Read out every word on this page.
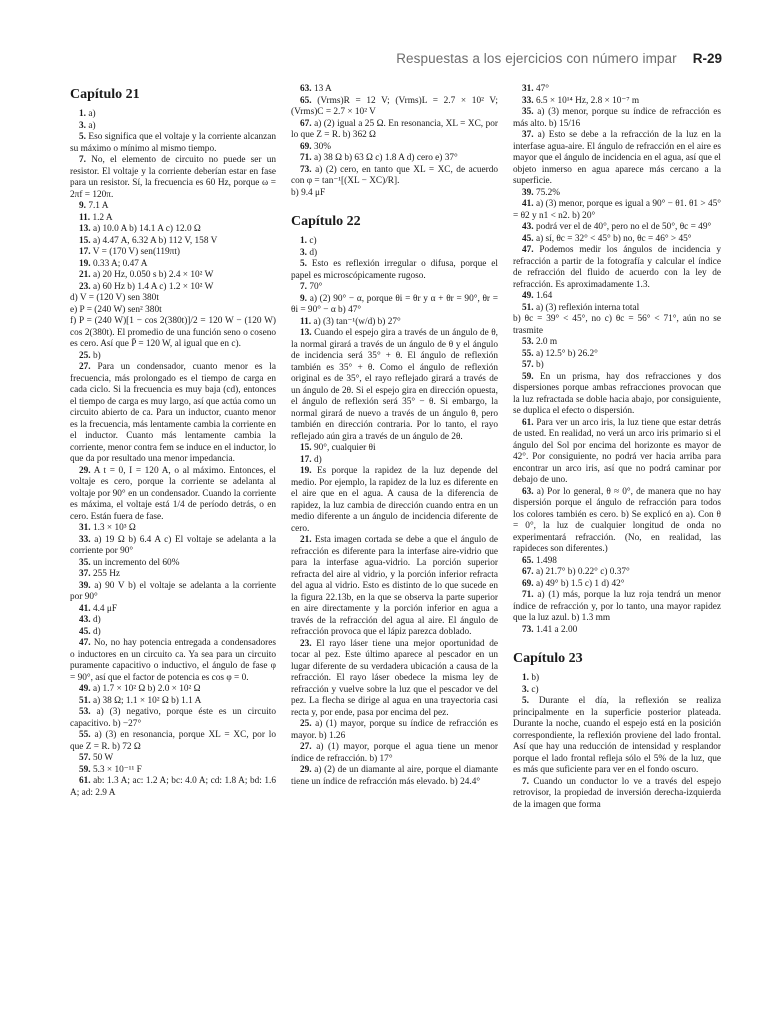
Respuestas a los ejercicios con número impar R-29
Capítulo 21

1. a)

3. a)

5. Eso significa que el voltaje y la corriente alcanzan su máximo o mínimo al mismo tiempo.

7. No, el elemento de circuito no puede ser un resistor. El voltaje y la corriente deberían estar en fase para un resistor. Sí, la frecuencia es 60 Hz, porque ω = 2πf = 120π.

9. 7.1 A

11. 1.2 A

13. a) 10.0 A b) 14.1 A c) 12.0 Ω

15. a) 4.47 A, 6.32 A b) 112 V, 158 V

17. V = (170 V) sen(119πt)

19. 0.33 A; 0.47 A

21. a) 20 Hz, 0.050 s b) 2.4 × 10² W

23. a) 60 Hz b) 1.4 A c) 1.2 × 10² W

d) V = (120 V) sen 380t

e) P = (240 W) sen² 380t

f) P = (240 W)[1 − cos 2(380t)]/2 = 120 W − (120 W) cos 2(380t). El promedio de una función seno o coseno es cero. Así que P̄ = 120 W, al igual que en c).

25. b)

27. Para un condensador, cuanto menor es la frecuencia, más prolongado es el tiempo de carga en cada ciclo. Si la frecuencia es muy baja (cd), entonces el tiempo de carga es muy largo, así que actúa como un circuito abierto de ca. Para un inductor, cuanto menor es la frecuencia, más lentamente cambia la corriente en el inductor. Cuanto más lentamente cambia la corriente, menor contra fem se induce en el inductor, lo que da por resultado una menor impedancia.

29. A t = 0, I = 120 A, o al máximo. Entonces, el voltaje es cero, porque la corriente se adelanta al voltaje por 90° en un condensador. Cuando la corriente es máxima, el voltaje está 1/4 de período detrás, o en cero. Están fuera de fase.

31. 1.3 × 10³ Ω

33. a) 19 Ω b) 6.4 A c) El voltaje se adelanta a la corriente por 90°

35. un incremento del 60%

37. 255 Hz

39. a) 90 V b) el voltaje se adelanta a la corriente por 90°

41. 4.4 μF

43. d)

45. d)

47. No, no hay potencia entregada a condensadores o inductores en un circuito ca. Ya sea para un circuito puramente capacitivo o inductivo, el ángulo de fase φ = 90°, así que el factor de potencia es cos φ = 0.

49. a) 1.7 × 10² Ω b) 2.0 × 10² Ω

51. a) 38 Ω; 1.1 × 10² Ω b) 1.1 A

53. a) (3) negativo, porque éste es un circuito capacitivo. b) −27°

55. a) (3) en resonancia, porque XL = XC, por lo que Z = R. b) 72 Ω

57. 50 W

59. 5.3 × 10⁻¹¹ F

61. ab: 1.3 A; ac: 1.2 A; bc: 4.0 A; cd: 1.8 A; bd: 1.6 A; ad: 2.9 A

63. 13 A

65. (Vrms)R = 12 V; (Vrms)L = 2.7 × 10² V; (Vrms)C = 2.7 × 10² V

67. a) (2) igual a 25 Ω. En resonancia, XL = XC, por lo que Z = R. b) 362 Ω

69. 30%

71. a) 38 Ω b) 63 Ω c) 1.8 A d) cero e) 37°

73. a) (2) cero, en tanto que XL = XC, de acuerdo con φ = tan⁻¹[(XL − XC)/R].

b) 9.4 μF

Capítulo 22

1. c)

3. d)

5. Esto es reflexión irregular o difusa, porque el papel es microscópicamente rugoso.

7. 70°

9. a) (2) 90° − α, porque θi = θr y α + θr = 90°, θr = θi = 90° − α b) 47°

11. a) (3) tan⁻¹(w/d) b) 27°

13. Cuando el espejo gira a través de un ángulo de θ, la normal girará a través de un ángulo de θ y el ángulo de incidencia será 35° + θ. El ángulo de reflexión también es 35° + θ. Como el ángulo de reflexión original es de 35°, el rayo reflejado girará a través de un ángulo de 2θ. Si el espejo gira en dirección opuesta, el ángulo de reflexión será 35° − θ. Si embargo, la normal girará de nuevo a través de un ángulo θ, pero también en dirección contraria. Por lo tanto, el rayo reflejado aún gira a través de un ángulo de 2θ.

15. 90°, cualquier θi

17. d)

19. Es porque la rapidez de la luz depende del medio. Por ejemplo, la rapidez de la luz es diferente en el aire que en el agua. A causa de la diferencia de rapidez, la luz cambia de dirección cuando entra en un medio diferente a un ángulo de incidencia diferente de cero.

21. Esta imagen cortada se debe a que el ángulo de refracción es diferente para la interfase aire-vidrio que para la interfase agua-vidrio. La porción superior refracta del aire al vidrio, y la porción inferior refracta del agua al vidrio. Esto es distinto de lo que sucede en la figura 22.13b, en la que se observa la parte superior en aire directamente y la porción inferior en agua a través de la refracción del agua al aire. El ángulo de refracción provoca que el lápiz parezca doblado.

23. El rayo láser tiene una mejor oportunidad de tocar al pez. Este último aparece al pescador en un lugar diferente de su verdadera ubicación a causa de la refracción. El rayo láser obedece la misma ley de refracción y vuelve sobre la luz que el pescador ve del pez. La flecha se dirige al agua en una trayectoria casi recta y, por ende, pasa por encima del pez.

25. a) (1) mayor, porque su índice de refracción es mayor. b) 1.26

27. a) (1) mayor, porque el agua tiene un menor índice de refracción. b) 17°

29. a) (2) de un diamante al aire, porque el diamante tiene un índice de refracción más elevado. b) 24.4°

31. 47°

33. 6.5 × 10¹⁴ Hz, 2.8 × 10⁻⁷ m

35. a) (3) menor, porque su índice de refracción es más alto. b) 15/16

37. a) Esto se debe a la refracción de la luz en la interfase agua-aire. El ángulo de refracción en el aire es mayor que el ángulo de incidencia en el agua, así que el objeto inmerso en agua aparece más cercano a la superficie.

39. 75.2%

41. a) (3) menor, porque es igual a 90° − θ1. θ1 > 45° = θ2 y n1 < n2. b) 20°

43. podrá ver el de 40°, pero no el de 50°, θc = 49°

45. a) sí, θc = 32° < 45° b) no, θc = 46° > 45°

47. Podemos medir los ángulos de incidencia y refracción a partir de la fotografía y calcular el índice de refracción del fluido de acuerdo con la ley de refracción. Es aproximadamente 1.3.

49. 1.64

51. a) (3) reflexión interna total

b) θc = 39° < 45°, no c) θc = 56° < 71°, aún no se trasmite

53. 2.0 m

55. a) 12.5° b) 26.2°

57. b)

59. En un prisma, hay dos refracciones y dos dispersiones porque ambas refracciones provocan que la luz refractada se doble hacia abajo, por consiguiente, se duplica el efecto o dispersión.

61. Para ver un arco iris, la luz tiene que estar detrás de usted. En realidad, no verá un arco iris primario si el ángulo del Sol por encima del horizonte es mayor de 42°. Por consiguiente, no podrá ver hacia arriba para encontrar un arco iris, así que no podrá caminar por debajo de uno.

63. a) Por lo general, θ ≈ 0°, de manera que no hay dispersión porque el ángulo de refracción para todos los colores también es cero. b) Se explicó en a). Con θ = 0°, la luz de cualquier longitud de onda no experimentará refracción. (No, en realidad, las rapideces son diferentes.)

65. 1.498

67. a) 21.7° b) 0.22° c) 0.37°

69. a) 49° b) 1.5 c) 1 d) 42°

71. a) (1) más, porque la luz roja tendrá un menor índice de refracción y, por lo tanto, una mayor rapidez que la luz azul. b) 1.3 mm

73. 1.41 a 2.00

Capítulo 23

1. b)

3. c)

5. Durante el día, la reflexión se realiza principalmente en la superficie posterior plateada. Durante la noche, cuando el espejo está en la posición correspondiente, la reflexión proviene del lado frontal. Así que hay una reducción de intensidad y resplandor porque el lado frontal refleja sólo el 5% de la luz, que es más que suficiente para ver en el fondo oscuro.

7. Cuando un conductor lo ve a través del espejo retrovisor, la propiedad de inversión derecha-izquierda de la imagen que forma
